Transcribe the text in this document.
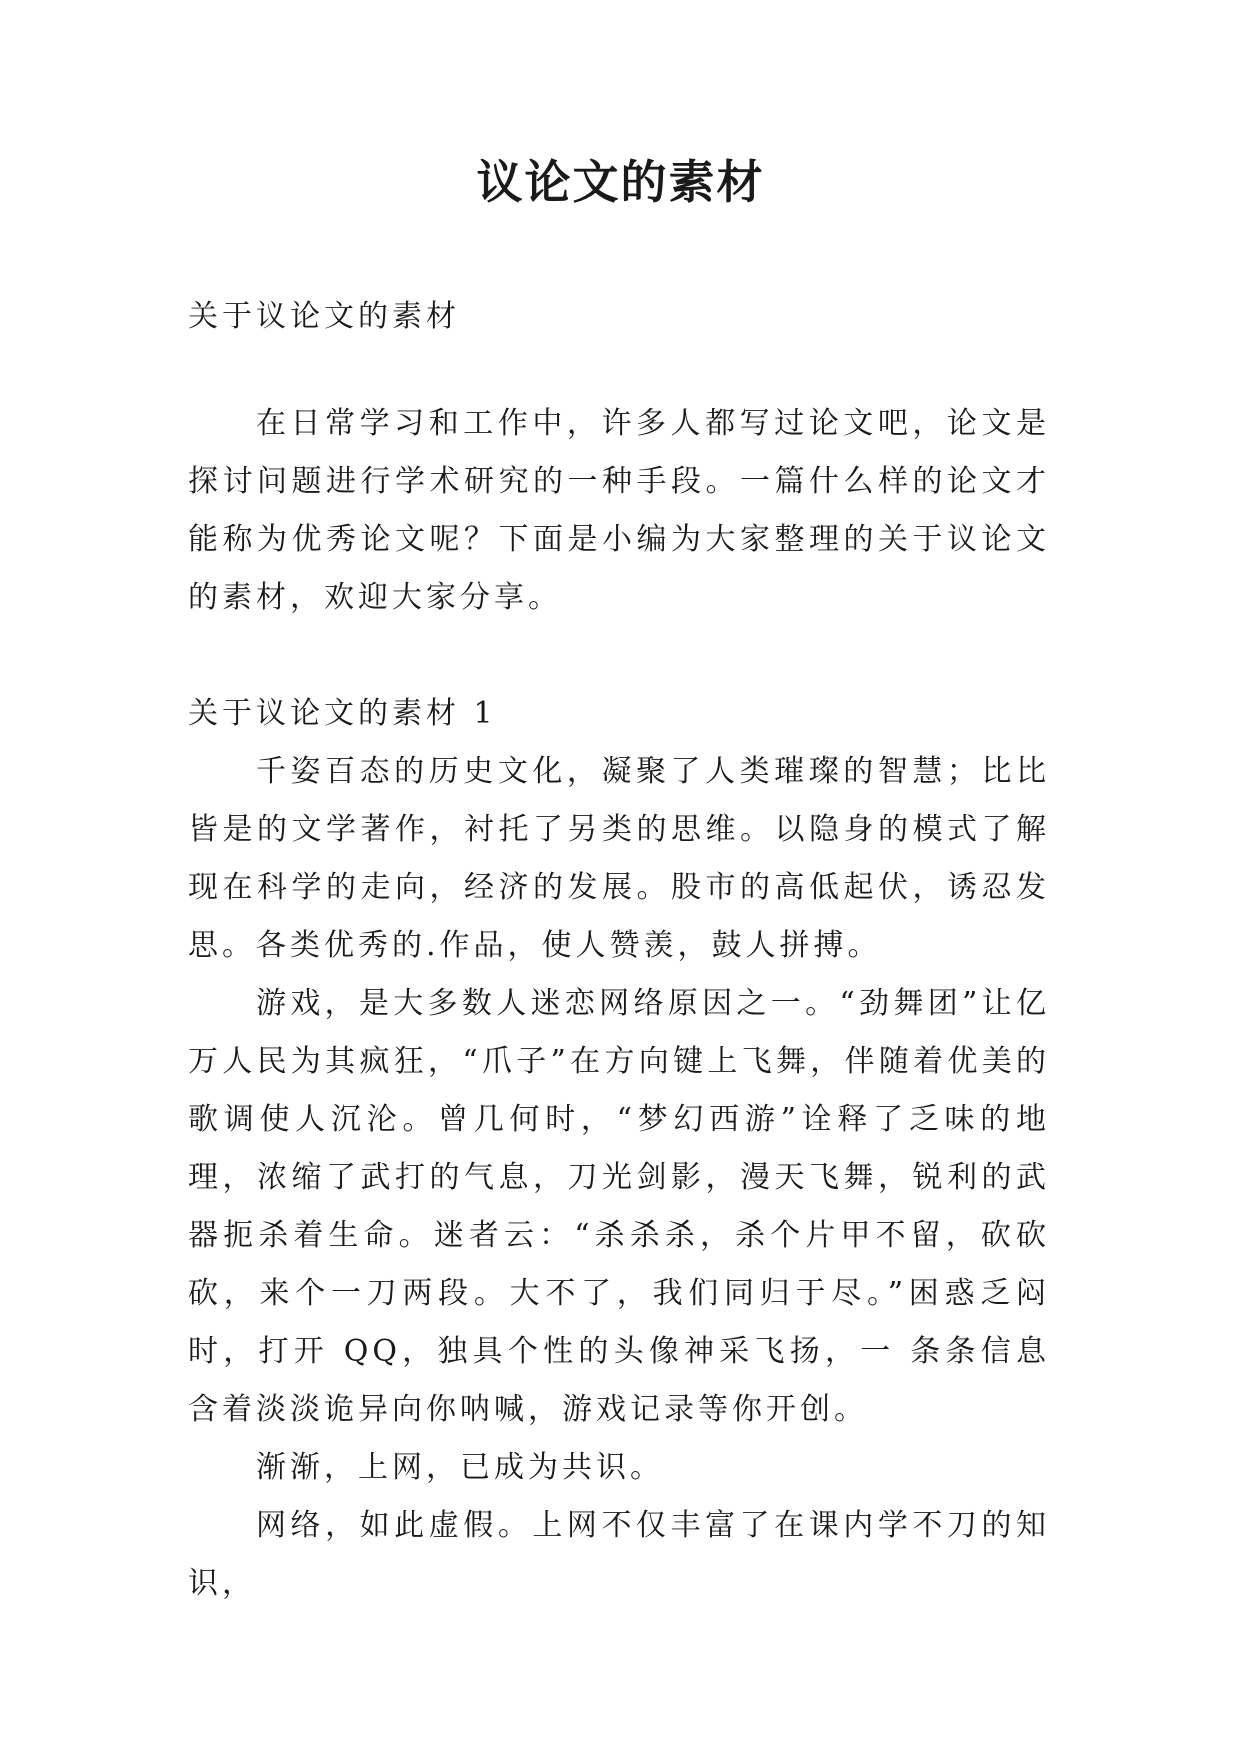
议论文的素材

关于议论文的素材

在日常学习和工作中，许多人都写过论文吧，论文是探讨问题进行学术研究的一种手段。一篇什么样的论文才能称为优秀论文呢？下面是小编为大家整理的关于议论文的素材，欢迎大家分享。

关于议论文的素材 1

千姿百态的历史文化，凝聚了人类璀璨的智慧；比比皆是的文学著作，衬托了另类的思维。以隐身的模式了解现在科学的走向，经济的发展。股市的高低起伏，诱忍发思。各类优秀的.作品，使人赞羡，鼓人拼搏。

游戏，是大多数人迷恋网络原因之一。“劲舞团”让亿万人民为其疯狂，“爪子”在方向键上飞舞，伴随着优美的歌调使人沉沦。曾几何时，“梦幻西游”诠释了乏味的地理，浓缩了武打的气息，刀光剑影，漫天飞舞，锐利的武器扼杀着生命。迷者云：“杀杀杀，杀个片甲不留，砍砍砍，来个一刀两段。大不了，我们同归于尽。”困惑乏闷时，打开 QQ，独具个性的头像神采飞扬，一 条条信息含着淡淡诡异向你呐喊，游戏记录等你开创。

渐渐，上网，已成为共识。

网络，如此虚假。上网不仅丰富了在课内学不刀的知识，
